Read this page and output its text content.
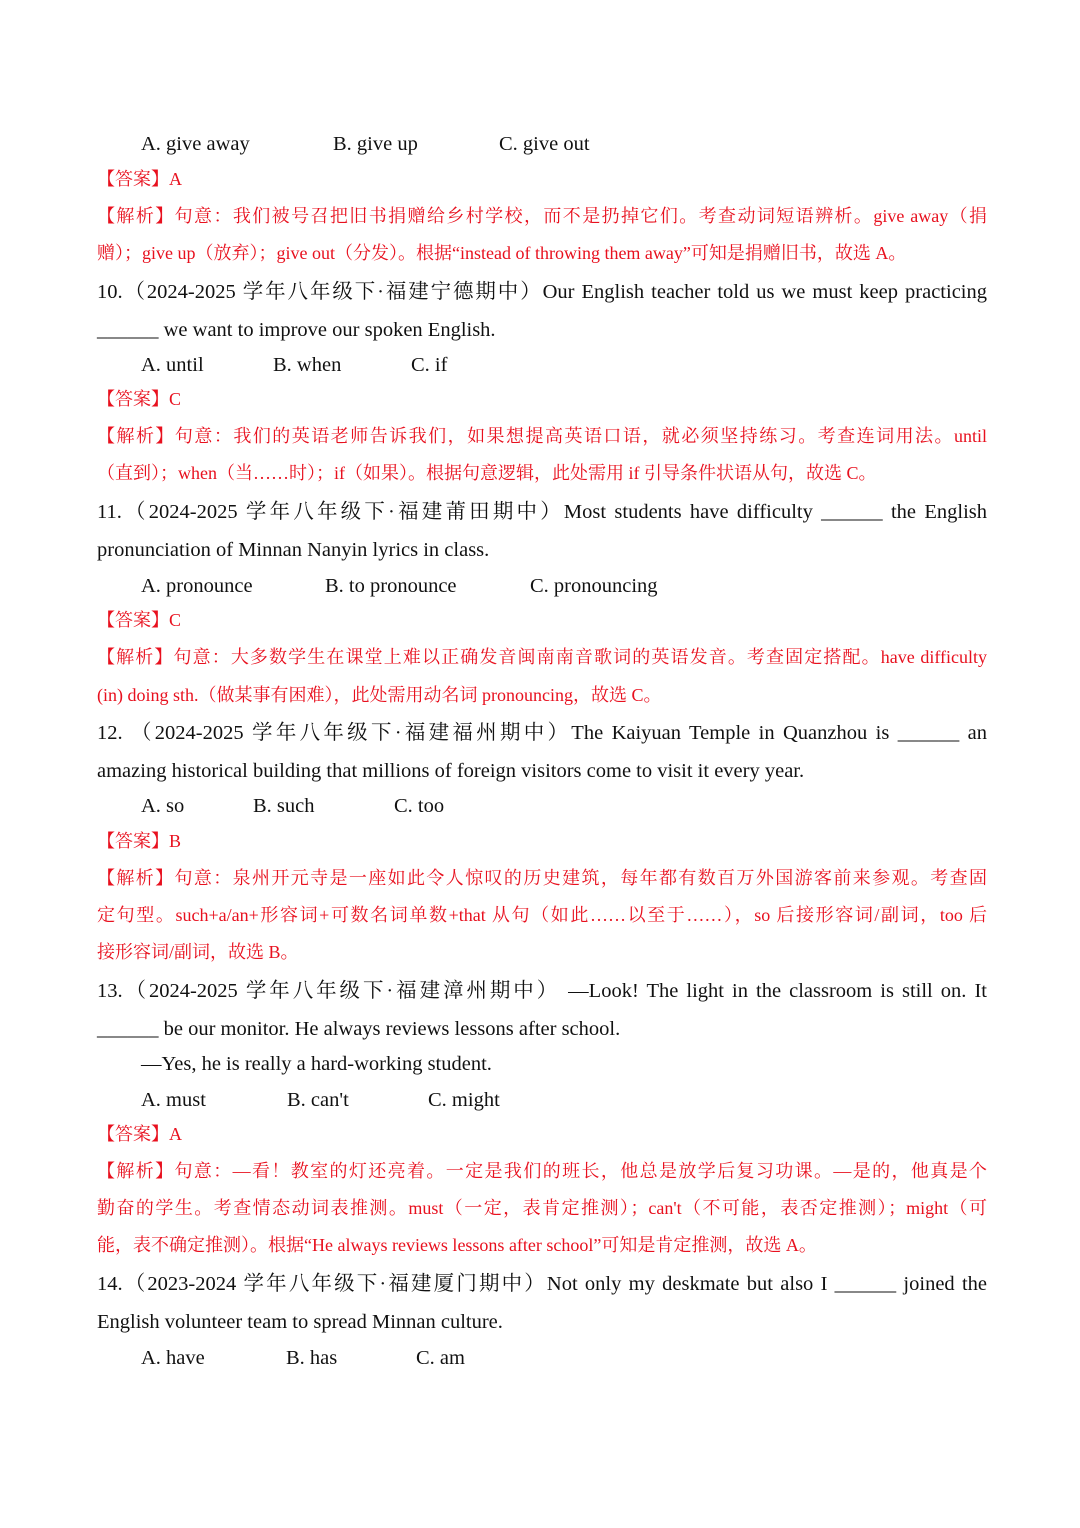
A. give away	B. give up	C. give out
【答案】A
【解析】句意：我们被号召把旧书捐赠给乡村学校，而不是扔掉它们。考查动词短语辨析。give away（捐
赠）；give up（放弃）；give out（分发）。根据“instead of throwing them away”可知是捐赠旧书，故选 A。
10.（2024-2025 学年八年级下·福建宁德期中）Our English teacher told us we must keep practicing
______ we want to improve our spoken English.
A. until	B. when	C. if
【答案】C
【解析】句意：我们的英语老师告诉我们，如果想提高英语口语，就必须坚持练习。考查连词用法。until
（直到）；when（当……时）；if（如果）。根据句意逻辑，此处需用 if 引导条件状语从句，故选 C。
11.（2024-2025 学年八年级下·福建莆田期中）Most students have difficulty ______ the English
pronunciation of Minnan Nanyin lyrics in class.
A. pronounce	B. to pronounce	C. pronouncing
【答案】C
【解析】句意：大多数学生在课堂上难以正确发音闽南南音歌词的英语发音。考查固定搭配。have difficulty
(in) doing sth.（做某事有困难），此处需用动名词 pronouncing，故选 C。
12. （2024-2025 学年八年级下·福建福州期中）The Kaiyuan Temple in Quanzhou is ______ an
amazing historical building that millions of foreign visitors come to visit it every year.
A. so	B. such	C. too
【答案】B
【解析】句意：泉州开元寺是一座如此令人惊叹的历史建筑，每年都有数百万外国游客前来参观。考查固
定句型。such+a/an+形容词+可数名词单数+that 从句（如此……以至于……），so 后接形容词/副词，too 后
接形容词/副词，故选 B。
13.（2024-2025 学年八年级下·福建漳州期中） —Look! The light in the classroom is still on. It
______ be our monitor. He always reviews lessons after school.
—Yes, he is really a hard-working student.
A. must	B. can't	C. might
【答案】A
【解析】句意：—看！教室的灯还亮着。一定是我们的班长，他总是放学后复习功课。—是的，他真是个
勤奋的学生。考查情态动词表推测。must（一定，表肯定推测）；can't（不可能，表否定推测）；might（可
能，表不确定推测）。根据“He always reviews lessons after school”可知是肯定推测，故选 A。
14.（2023-2024 学年八年级下·福建厦门期中）Not only my deskmate but also I ______ joined the
English volunteer team to spread Minnan culture.
A. have	B. has	C. am
